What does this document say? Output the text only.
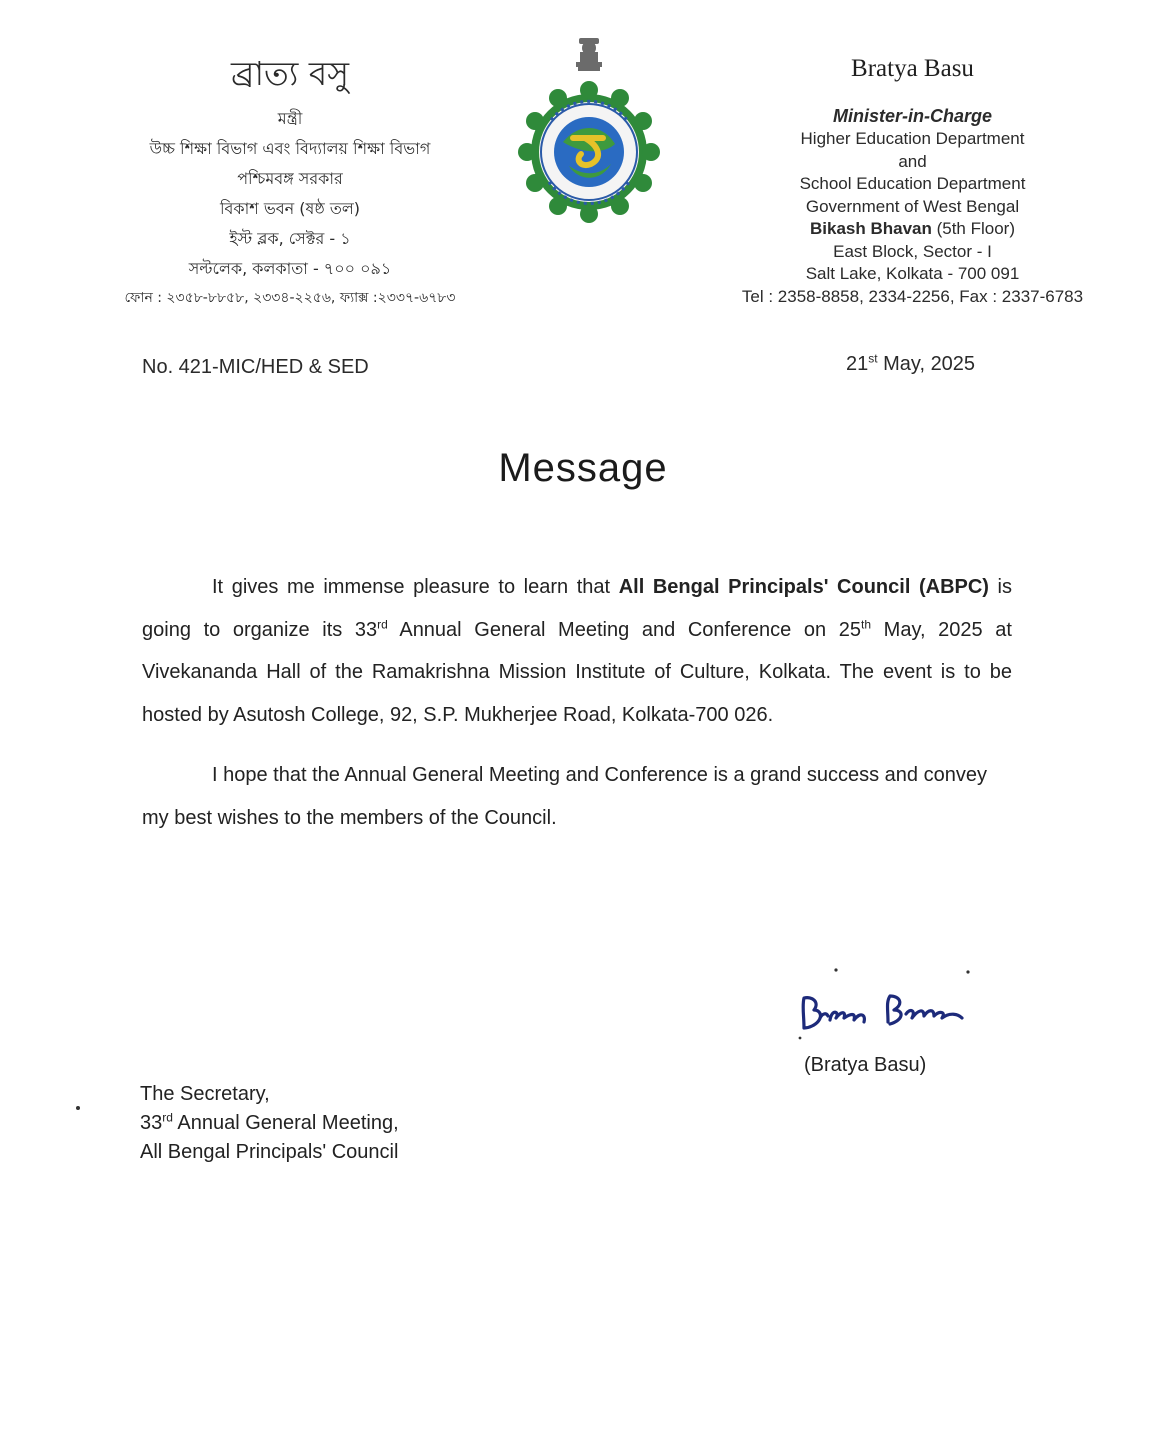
ব্রাত্য বসু
মন্ত্রী
উচ্চ শিক্ষা বিভাগ এবং বিদ্যালয় শিক্ষা বিভাগ
পশ্চিমবঙ্গ সরকার
বিকাশ ভবন (ষষ্ঠ তল)
ইস্ট ব্লক, সেক্টর - ১
সল্টলেক, কলকাতা - ৭০০ ০৯১
ফোন : ২৩৫৮-৮৮৫৮, ২৩৩৪-২২৫৬, ফ্যাক্স :২৩৩৭-৬৭৮৩
Bratya Basu
Minister-in-Charge
Higher Education Department
and
School Education Department
Government of West Bengal
Bikash Bhavan (5th Floor)
East Block, Sector - I
Salt Lake, Kolkata - 700 091
Tel : 2358-8858, 2334-2256, Fax : 2337-6783
No. 421-MIC/HED & SED	21st May, 2025
Message

It gives me immense pleasure to learn that All Bengal Principals' Council (ABPC) is going to organize its 33rd Annual General Meeting and Conference on 25th May, 2025 at Vivekananda Hall of the Ramakrishna Mission Institute of Culture, Kolkata. The event is to be hosted by Asutosh College, 92, S.P. Mukherjee Road, Kolkata-700 026.

I hope that the Annual General Meeting and Conference is a grand success and convey my best wishes to the members of the Council.

(Bratya Basu)
The Secretary,
33rd Annual General Meeting,
All Bengal Principals' Council
